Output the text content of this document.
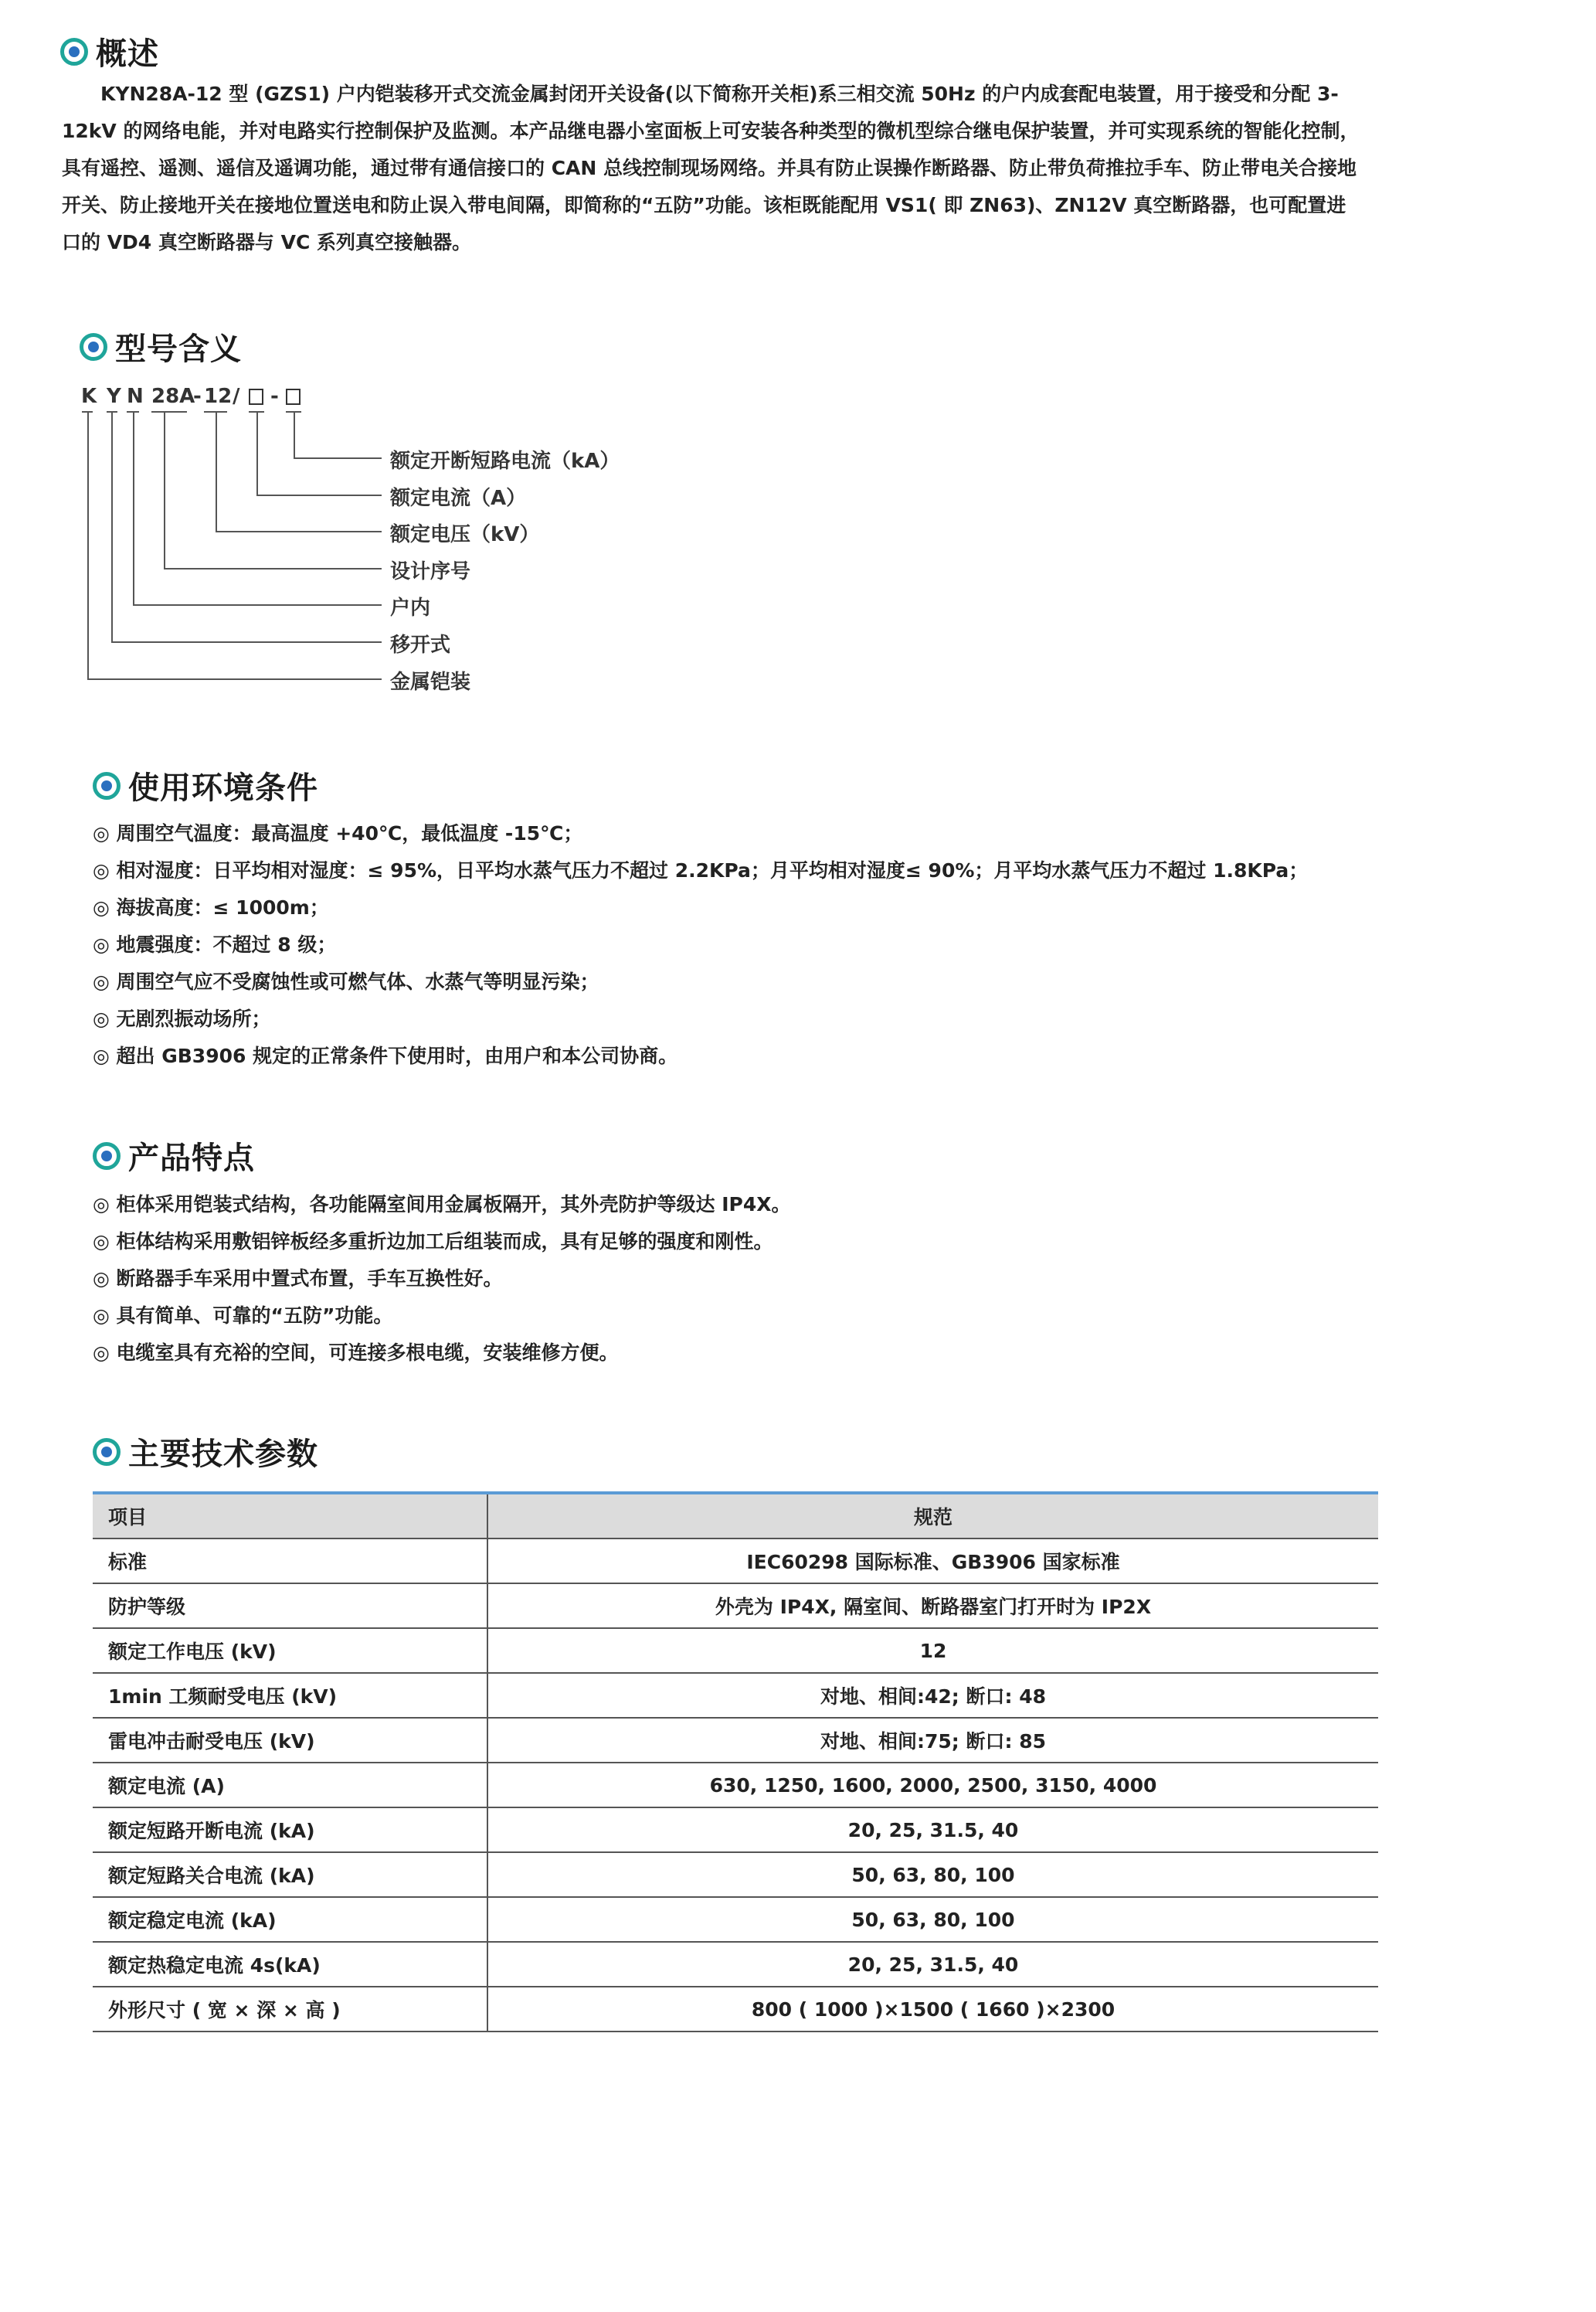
概述
　　KYN28A-12 型 (GZS1) 户内铠装移开式交流金属封闭开关设备(以下简称开关柜)系三相交流 50Hz 的户内成套配电装置，用于接受和分配 3-12kV 的网络电能，并对电路实行控制保护及监测。本产品继电器小室面板上可安装各种类型的微机型综合继电保护装置，并可实现系统的智能化控制，具有遥控、遥测、遥信及遥调功能，通过带有通信接口的 CAN 总线控制现场网络。并具有防止误操作断路器、防止带负荷推拉手车、防止带电关合接地开关、防止接地开关在接地位置送电和防止误入带电间隔，即简称的“五防”功能。该柜既能配用 VS1( 即 ZN63)、ZN12V 真空断路器，也可配置进口的 VD4 真空断路器与 VC 系列真空接触器。
型号含义
K Y N 28A
- 12 / -
额定开断短路电流（kA）
额定电流（A）
额定电压（kV）
设计序号
户内
移开式
金属铠装
使用环境条件
◎ 周围空气温度：最高温度 +40℃，最低温度 -15℃；
◎ 相对湿度：日平均相对湿度：≤ 95%，日平均水蒸气压力不超过 2.2KPa；月平均相对湿度≤ 90%；月平均水蒸气压力不超过 1.8KPa；
◎ 海拔高度：≤ 1000m；
◎ 地震强度：不超过 8 级；
◎ 周围空气应不受腐蚀性或可燃气体、水蒸气等明显污染；
◎ 无剧烈振动场所；
◎ 超出 GB3906 规定的正常条件下使用时，由用户和本公司协商。
产品特点
◎ 柜体采用铠装式结构，各功能隔室间用金属板隔开，其外壳防护等级达 IP4X。
◎ 柜体结构采用敷铝锌板经多重折边加工后组装而成，具有足够的强度和刚性。
◎ 断路器手车采用中置式布置，手车互换性好。
◎ 具有简单、可靠的“五防”功能。
◎ 电缆室具有充裕的空间，可连接多根电缆，安装维修方便。
主要技术参数
项目	规范
标准	IEC60298 国际标准、GB3906 国家标准
防护等级	外壳为 IP4X, 隔室间、断路器室门打开时为 IP2X
额定工作电压 (kV)	12
1min 工频耐受电压 (kV)	对地、相间:42; 断口: 48
雷电冲击耐受电压 (kV)	对地、相间:75; 断口: 85
额定电流 (A)	630, 1250, 1600, 2000, 2500, 3150, 4000
额定短路开断电流 (kA)	20, 25, 31.5, 40
额定短路关合电流 (kA)	50, 63, 80, 100
额定稳定电流 (kA)	50, 63, 80, 100
额定热稳定电流 4s(kA)	20, 25, 31.5, 40
外形尺寸 ( 宽 × 深 × 高 )	800 ( 1000 )×1500 ( 1660 )×2300
